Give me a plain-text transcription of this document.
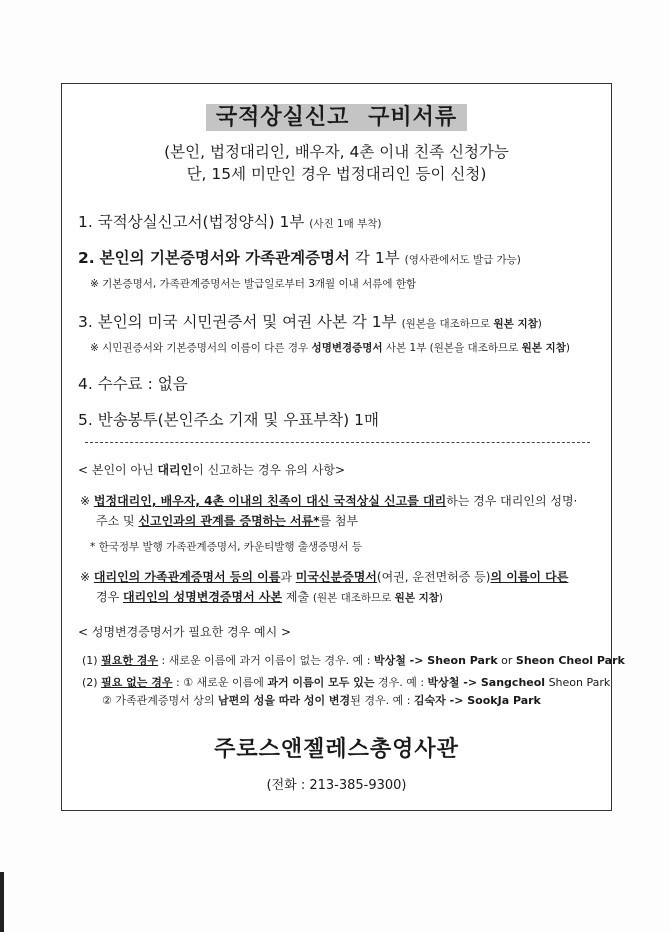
국적상실신고 구비서류
(본인, 법정대리인, 배우자, 4촌 이내 친족 신청가능
단, 15세 미만인 경우 법정대리인 등이 신청)
1. 국적상실신고서(법정양식) 1부 (사진 1매 부착)
2. 본인의 기본증명서와 가족관계증명서 각 1부 (영사관에서도 발급 가능)
※ 기본증명서, 가족관계증명서는 발급일로부터 3개월 이내 서류에 한함
3. 본인의 미국 시민권증서 및 여권 사본 각 1부 (원본을 대조하므로 원본 지참)
※ 시민권증서와 기본증명서의 이름이 다른 경우 성명변경증명서 사본 1부 (원본을 대조하므로 원본 지참)
4. 수수료 : 없음
5. 반송봉투(본인주소 기재 및 우표부착) 1매
< 본인이 아닌 대리인이 신고하는 경우 유의 사항>
※ 법정대리인, 배우자, 4촌 이내의 친족이 대신 국적상실 신고를 대리하는 경우 대리인의 성명·
주소 및 신고인과의 관계를 증명하는 서류*를 첨부
* 한국정부 발행 가족관계증명서, 카운티발행 출생증명서 등
※ 대리인의 가족관계증명서 등의 이름과 미국신분증명서(여권, 운전면허증 등)의 이름이 다른
경우 대리인의 성명변경증명서 사본 제출 (원본 대조하므로 원본 지참)
< 성명변경증명서가 필요한 경우 예시 >
(1) 필요한 경우 : 새로운 이름에 과거 이름이 없는 경우. 예 : 박상철 -> Sheon Park or Sheon Cheol Park
(2) 필요 없는 경우 : ① 새로운 이름에 과거 이름이 모두 있는 경우. 예 : 박상철 -> Sangcheol Sheon Park
② 가족관계증명서 상의 남편의 성을 따라 성이 변경된 경우. 예 : 김숙자 -> SookJa Park
주로스앤젤레스총영사관
(전화 : 213-385-9300)
